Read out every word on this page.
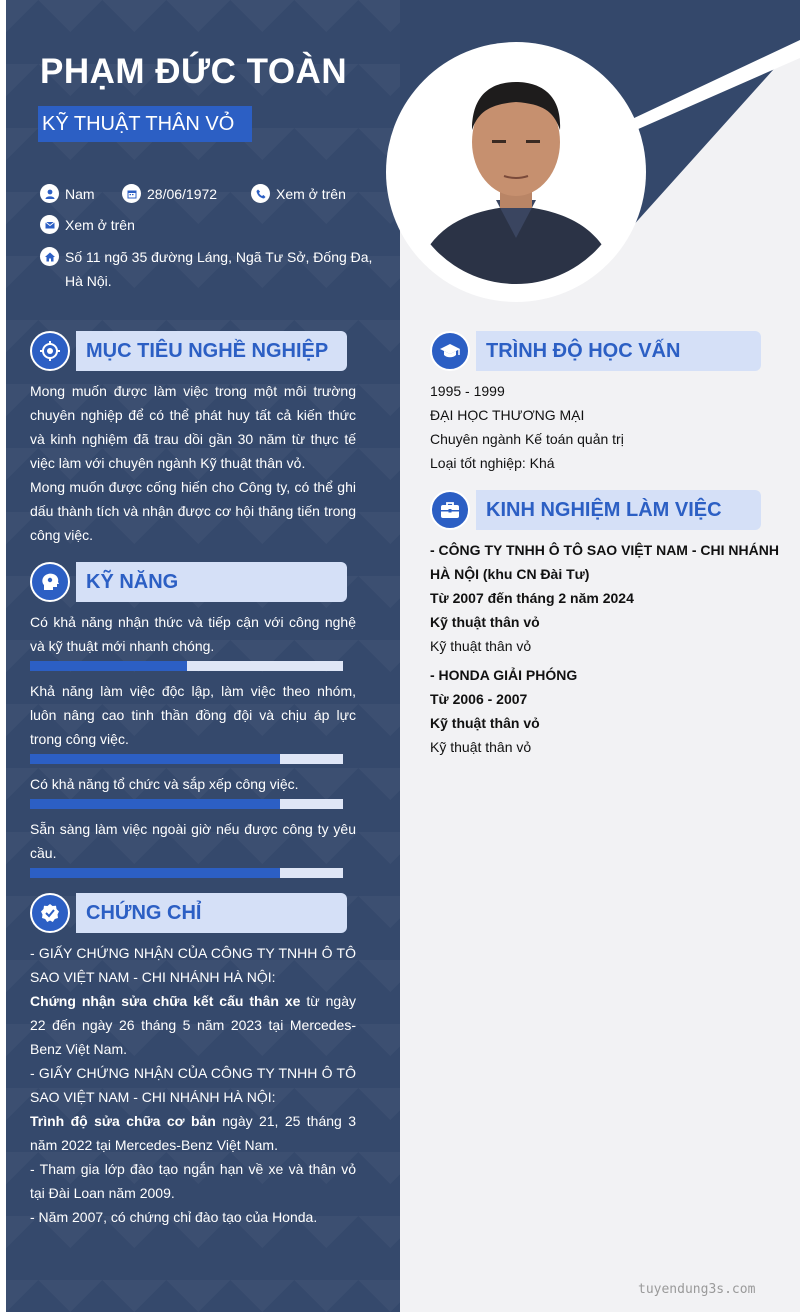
PHẠM ĐỨC TOÀN
KỸ THUẬT THÂN VỎ
Nam	28/06/1972	Xem ở trên
Xem ở trên
Số 11 ngõ 35 đường Láng, Ngã Tư Sở, Đống Đa, Hà Nội.
MỤC TIÊU NGHỀ NGHIỆP
Mong muốn được làm việc trong một môi trường chuyên nghiệp để có thể phát huy tất cả kiến thức và kinh nghiệm đã trau dồi gần 30 năm từ thực tế việc làm với chuyên ngành Kỹ thuật thân vỏ.
Mong muốn được cống hiến cho Công ty, có thể ghi dấu thành tích và nhận được cơ hội thăng tiến trong công việc.
KỸ NĂNG
Có khả năng nhận thức và tiếp cận với công nghệ và kỹ thuật mới nhanh chóng.
Khả năng làm việc độc lập, làm việc theo nhóm, luôn nâng cao tinh thần đồng đội và chịu áp lực trong công việc.
Có khả năng tổ chức và sắp xếp công việc.
Sẵn sàng làm việc ngoài giờ nếu được công ty yêu cầu.
CHỨNG CHỈ
- GIẤY CHỨNG NHẬN CỦA CÔNG TY TNHH Ô TÔ SAO VIỆT NAM - CHI NHÁNH HÀ NỘI:
Chứng nhận sửa chữa kết cấu thân xe từ ngày 22 đến ngày 26 tháng 5 năm 2023 tại Mercedes-Benz Việt Nam.
- GIẤY CHỨNG NHẬN CỦA CÔNG TY TNHH Ô TÔ SAO VIỆT NAM - CHI NHÁNH HÀ NỘI:
Trình độ sửa chữa cơ bản ngày 21, 25 tháng 3 năm 2022 tại Mercedes-Benz Việt Nam.
- Tham gia lớp đào tạo ngắn hạn về xe và thân vỏ tại Đài Loan năm 2009.
- Năm 2007, có chứng chỉ đào tạo của Honda.
TRÌNH ĐỘ HỌC VẤN
1995 - 1999
ĐẠI HỌC THƯƠNG MẠI
Chuyên ngành Kế toán quản trị
Loại tốt nghiệp: Khá
KINH NGHIỆM LÀM VIỆC
- CÔNG TY TNHH Ô TÔ SAO VIỆT NAM - CHI NHÁNH HÀ NỘI (khu CN Đài Tư)
Từ 2007 đến tháng 2 năm 2024
Kỹ thuật thân vỏ
Kỹ thuật thân vỏ
- HONDA GIẢI PHÓNG
Từ 2006 - 2007
Kỹ thuật thân vỏ
Kỹ thuật thân vỏ
tuyendung3s.com
